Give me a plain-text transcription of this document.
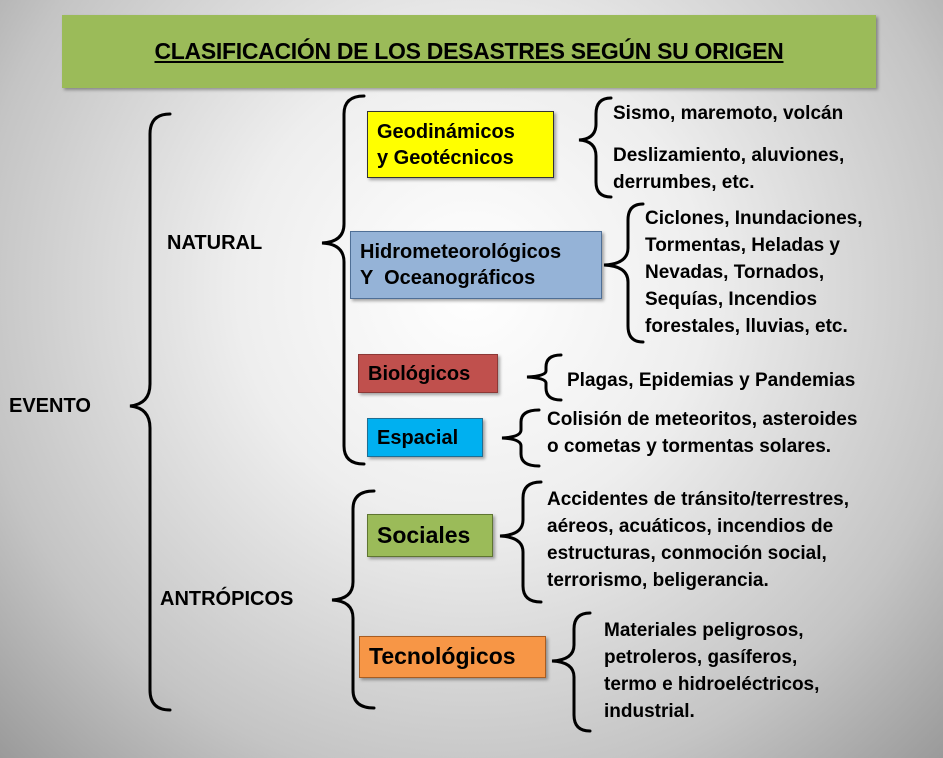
CLASIFICACIÓN DE LOS DESASTRES SEGÚN SU ORIGEN
EVENTO
NATURAL
ANTRÓPICOS
Geodinámicos
y Geotécnicos
Hidrometeorológicos
Y  Oceanográficos
Biológicos
Espacial
Sociales
Tecnológicos
Sismo, maremoto, volcán
Deslizamiento, aluviones,
derrumbes, etc.
Ciclones, Inundaciones,
Tormentas, Heladas y
Nevadas, Tornados,
Sequías, Incendios
forestales, lluvias, etc.
Plagas, Epidemias y Pandemias
Colisión de meteoritos, asteroides
o cometas y tormentas solares.
Accidentes de tránsito/terrestres,
aéreos, acuáticos, incendios de
estructuras, conmoción social,
terrorismo, beligerancia.
Materiales peligrosos,
petroleros, gasíferos,
termo e hidroeléctricos,
industrial.
